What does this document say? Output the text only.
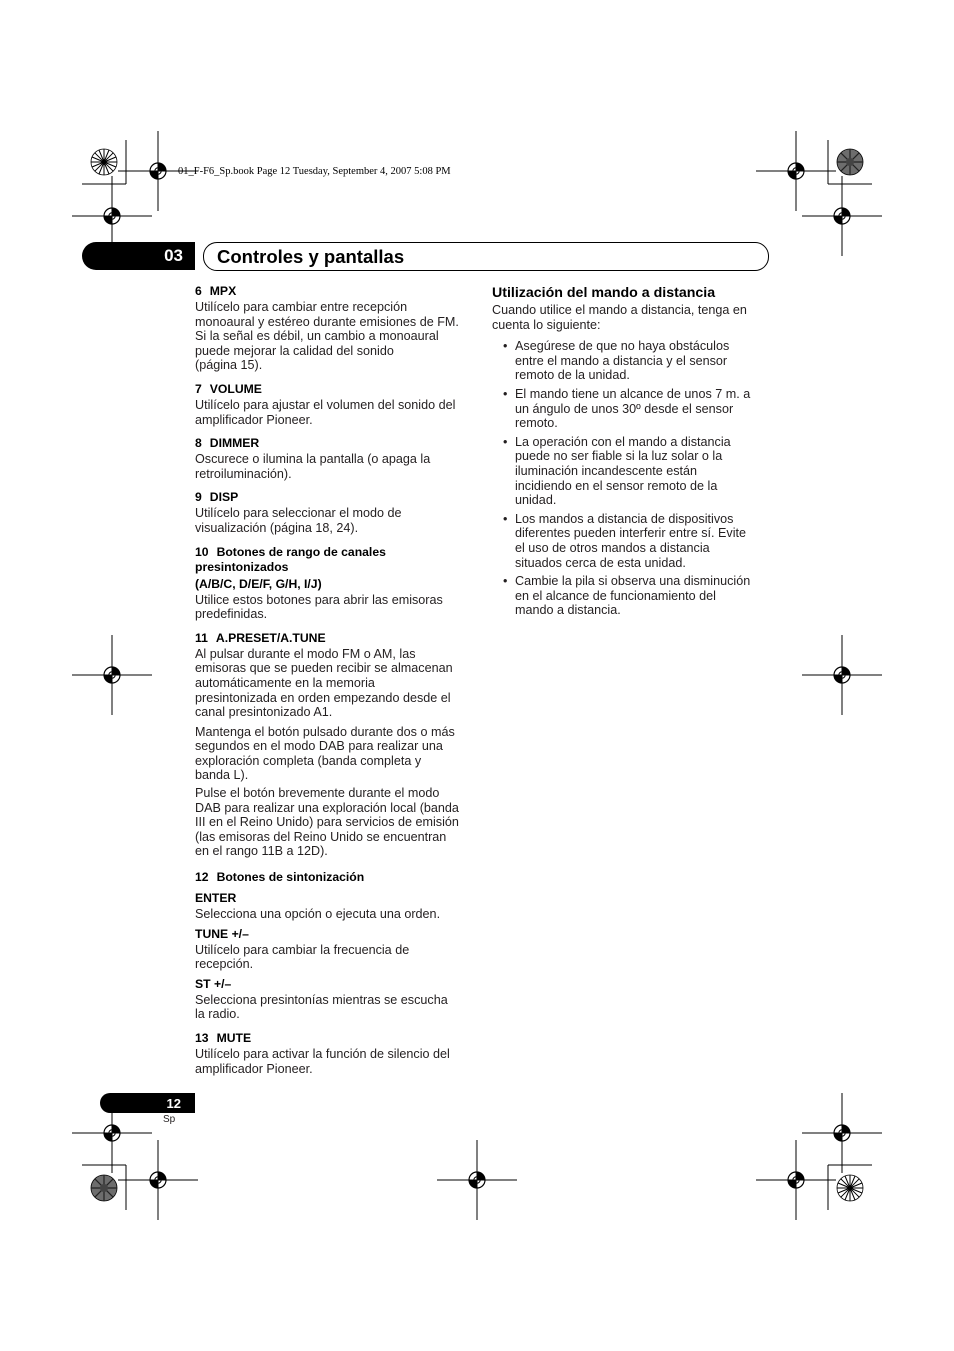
01_F-F6_Sp.book Page 12 Tuesday, September 4, 2007 5:08 PM
03 Controles y pantallas
6 MPX

Utilícelo para cambiar entre recepción
monoaural y estéreo durante emisiones de FM.
Si la señal es débil, un cambio a monoaural
puede mejorar la calidad del sonido
(página 15).

7 VOLUME

Utilícelo para ajustar el volumen del sonido del
amplificador Pioneer.

8 DIMMER

Oscurece o ilumina la pantalla (o apaga la
retroiluminación).

9 DISP

Utilícelo para seleccionar el modo de
visualización (página 18, 24).

10 Botones de rango de canales
presintonizados
(A/B/C, D/E/F, G/H, I/J)

Utilice estos botones para abrir las emisoras
predefinidas.

11 A.PRESET/A.TUNE

Al pulsar durante el modo FM o AM, las
emisoras que se pueden recibir se almacenan
automáticamente en la memoria
presintonizada en orden empezando desde el
canal presintonizado A1.

Mantenga el botón pulsado durante dos o más
segundos en el modo DAB para realizar una
exploración completa (banda completa y
banda L).

Pulse el botón brevemente durante el modo
DAB para realizar una exploración local (banda
III en el Reino Unido) para servicios de emisión
(las emisoras del Reino Unido se encuentran
en el rango 11B a 12D).

12 Botones de sintonización
ENTER

Selecciona una opción o ejecuta una orden.

TUNE +/–

Utilícelo para cambiar la frecuencia de
recepción.

ST +/–

Selecciona presintonías mientras se escucha
la radio.

13 MUTE

Utilícelo para activar la función de silencio del
amplificador Pioneer.

Utilización del mando a distancia

Cuando utilice el mando a distancia, tenga en
cuenta lo siguiente:

• Asegúrese de que no haya obstáculos
entre el mando a distancia y el sensor
remoto de la unidad.
• El mando tiene un alcance de unos 7 m. a
un ángulo de unos 30º desde el sensor
remoto.
• La operación con el mando a distancia
puede no ser fiable si la luz solar o la
iluminación incandescente están
incidiendo en el sensor remoto de la
unidad.
• Los mandos a distancia de dispositivos
diferentes pueden interferir entre sí. Evite
el uso de otros mandos a distancia
situados cerca de esta unidad.
• Cambie la pila si observa una disminución
en el alcance de funcionamiento del
mando a distancia.
12
Sp
